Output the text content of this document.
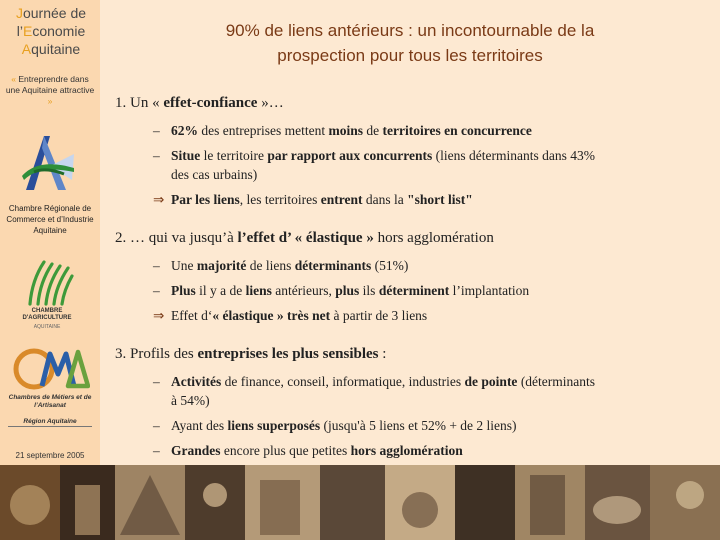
Journée de
l’Economie
Aquitaine
« Entreprendre dans une Aquitaine attractive »
Chambre Régionale de Commerce et d’Industrie Aquitaine
CHAMBRE D'AGRICULTURE
AQUITAINE
Chambres de Métiers et de l’Artisanat
Région Aquitaine
21 septembre 2005
90% de liens antérieurs : un incontournable de la
prospection pour tous les territoires
1. Un « effet-confiance »…
– 62% des entreprises mettent moins de territoires en concurrence
– Situe le territoire par rapport aux concurrents (liens déterminants dans 43% des cas urbains)
⇒ Par les liens, les territoires entrent dans la "short list"
2. … qui va jusqu’à l’effet d’ « élastique » hors agglomération
– Une majorité de liens déterminants (51%)
– Plus il y a de liens antérieurs, plus ils déterminent l’implantation
⇒ Effet d‘« élastique » très net à partir de 3 liens
3. Profils des entreprises les plus sensibles :
– Activités de finance, conseil, informatique, industries de pointe (déterminants à 54%)
– Ayant des liens superposés (jusqu'à 5 liens et 52% + de 2 liens)
– Grandes encore plus que petites hors agglomération
